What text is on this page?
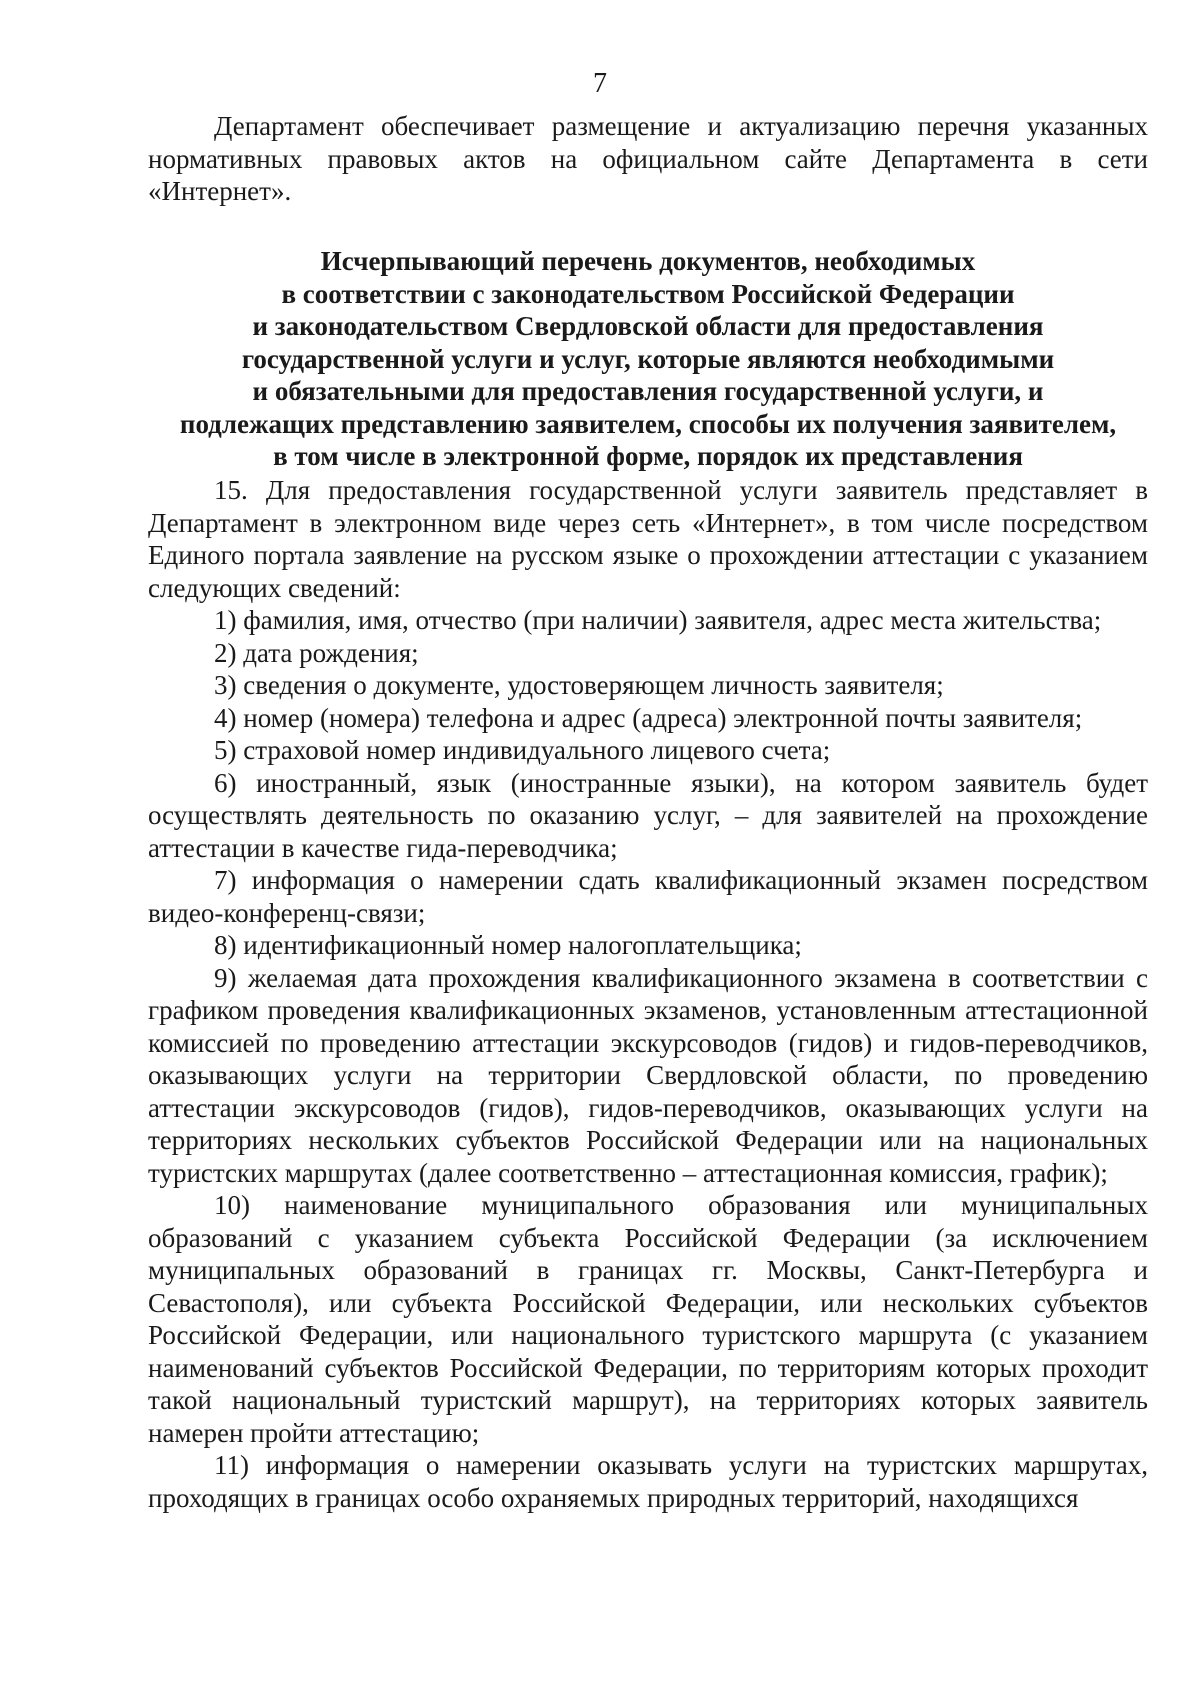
7

Департамент обеспечивает размещение и актуализацию перечня указанных нормативных правовых актов на официальном сайте Департамента в сети «Интернет».

Исчерпывающий перечень документов, необходимых
в соответствии с законодательством Российской Федерации
и законодательством Свердловской области для предоставления
государственной услуги и услуг, которые являются необходимыми
и обязательными для предоставления государственной услуги, и
подлежащих представлению заявителем, способы их получения заявителем,
в том числе в электронной форме, порядок их представления

15. Для предоставления государственной услуги заявитель представляет в Департамент в электронном виде через сеть «Интернет», в том числе посредством Единого портала заявление на русском языке о прохождении аттестации с указанием следующих сведений:

1) фамилия, имя, отчество (при наличии) заявителя, адрес места жительства;

2) дата рождения;

3) сведения о документе, удостоверяющем личность заявителя;

4) номер (номера) телефона и адрес (адреса) электронной почты заявителя;

5) страховой номер индивидуального лицевого счета;

6) иностранный, язык (иностранные языки), на котором заявитель будет осуществлять деятельность по оказанию услуг, – для заявителей на прохождение аттестации в качестве гида-переводчика;

7) информация о намерении сдать квалификационный экзамен посредством видео-конференц-связи;

8) идентификационный номер налогоплательщика;

9) желаемая дата прохождения квалификационного экзамена в соответствии с графиком проведения квалификационных экзаменов, установленным аттестационной комиссией по проведению аттестации экскурсоводов (гидов) и гидов-переводчиков, оказывающих услуги на территории Свердловской области, по проведению аттестации экскурсоводов (гидов), гидов-переводчиков, оказывающих услуги на территориях нескольких субъектов Российской Федерации или на национальных туристских маршрутах (далее соответственно – аттестационная комиссия, график);

10) наименование муниципального образования или муниципальных образований с указанием субъекта Российской Федерации (за исключением муниципальных образований в границах гг. Москвы, Санкт-Петербурга и Севастополя), или субъекта Российской Федерации, или нескольких субъектов Российской Федерации, или национального туристского маршрута (с указанием наименований субъектов Российской Федерации, по территориям которых проходит такой национальный туристский маршрут), на территориях которых заявитель намерен пройти аттестацию;

11) информация о намерении оказывать услуги на туристских маршрутах, проходящих в границах особо охраняемых природных территорий, находящихся
